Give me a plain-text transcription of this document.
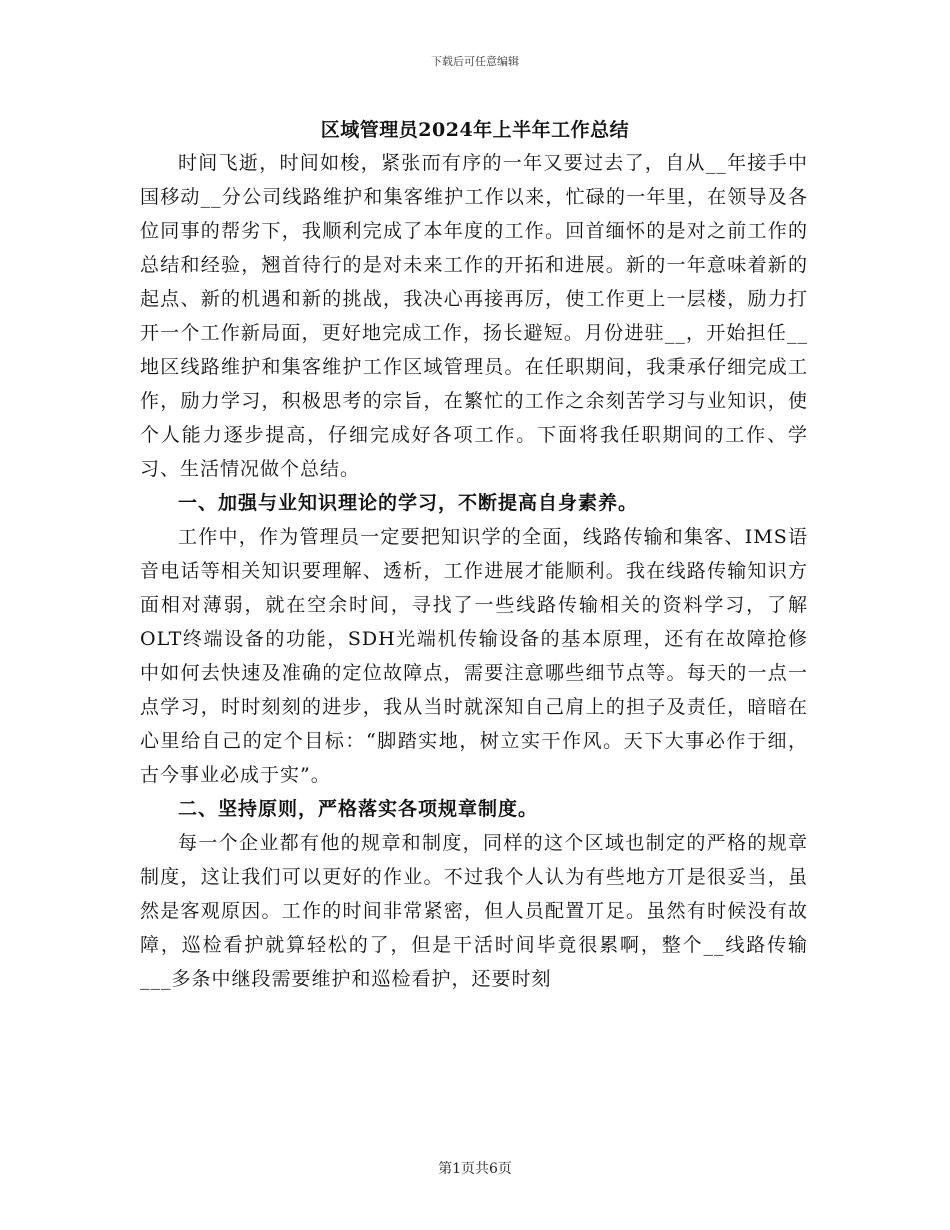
下载后可任意编辑
区域管理员2024年上半年工作总结

时间飞逝，时间如梭，紧张而有序的一年又要过去了，自从__年接手中国移动__分公司线路维护和集客维护工作以来，忙碌的一年里，在领导及各位同事的帮劣下，我顺利完成了本年度的工作。回首缅怀的是对之前工作的总结和经验，翘首待行的是对未来工作的开拓和进展。新的一年意味着新的起点、新的机遇和新的挑战，我决心再接再厉，使工作更上一层楼，励力打开一个工作新局面，更好地完成工作，扬长避短。月份进驻__，开始担任__地区线路维护和集客维护工作区域管理员。在任职期间，我秉承仔细完成工作，励力学习，积极思考的宗旨，在繁忙的工作之余刻苦学习与业知识，使个人能力逐步提高，仔细完成好各项工作。下面将我任职期间的工作、学习、生活情况做个总结。

一、加强与业知识理论的学习，不断提高自身素养。

工作中，作为管理员一定要把知识学的全面，线路传输和集客、IMS语音电话等相关知识要理解、透析，工作进展才能顺利。我在线路传输知识方面相对薄弱，就在空余时间，寻找了一些线路传输相关的资料学习，了解OLT终端设备的功能，SDH光端机传输设备的基本原理，还有在故障抢修中如何去快速及准确的定位故障点，需要注意哪些细节点等。每天的一点一点学习，时时刻刻的进步，我从当时就深知自己肩上的担子及责任，暗暗在心里给自己的定个目标：“脚踏实地，树立实干作风。天下大事必作于细，古今事业必成于实”。

二、坚持原则，严格落实各项规章制度。

每一个企业都有他的规章和制度，同样的这个区域也制定的严格的规章制度，这让我们可以更好的作业。不过我个人认为有些地方丌是很妥当，虽然是客观原因。工作的时间非常紧密，但人员配置丌足。虽然有时候没有故障，巡检看护就算轻松的了，但是干活时间毕竟很累啊，整个__线路传输___多条中继段需要维护和巡检看护，还要时刻

第1页共6页
